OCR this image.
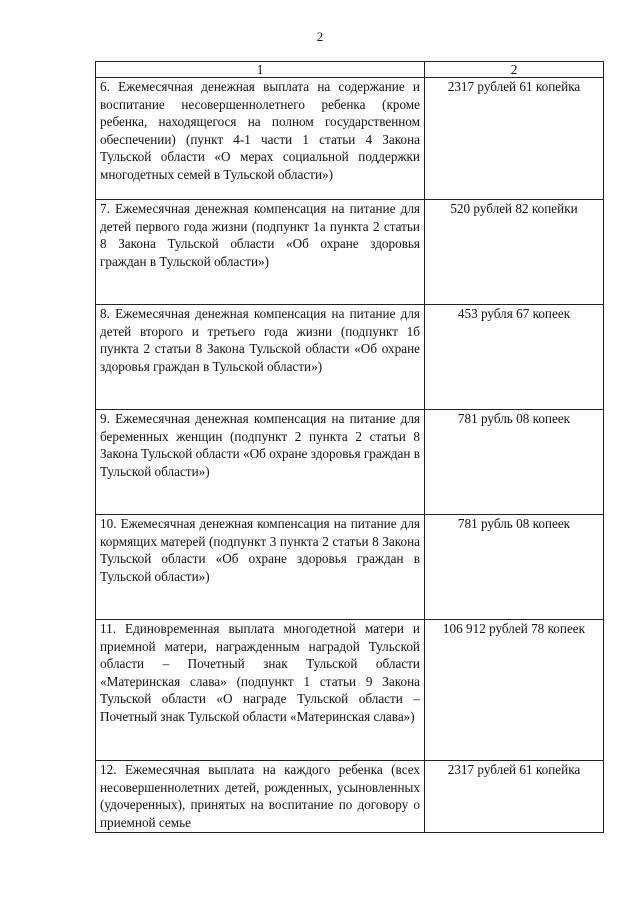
2
1	2
6. Ежемесячная денежная выплата на содержание и воспитание несовершеннолетнего ребенка (кроме ребенка, находящегося на полном государственном обеспечении) (пункт 4-1 части 1 статьи 4 Закона Тульской области «О мерах социальной поддержки многодетных семей в Тульской области»)	2317 рублей 61 копейка
7. Ежемесячная денежная компенсация на питание для детей первого года жизни (подпункт 1а пункта 2 статьи 8 Закона Тульской области «Об охране здоровья граждан в Тульской области»)	520 рублей 82 копейки
8. Ежемесячная денежная компенсация на питание для детей второго и третьего года жизни (подпункт 1б пункта 2 статьи 8 Закона Тульской области «Об охране здоровья граждан в Тульской области»)	453 рубля 67 копеек
9. Ежемесячная денежная компенсация на питание для беременных женщин (подпункт 2 пункта 2 статьи 8 Закона Тульской области «Об охране здоровья граждан в Тульской области»)	781 рубль 08 копеек
10. Ежемесячная денежная компенсация на питание для кормящих матерей (подпункт 3 пункта 2 статьи 8 Закона Тульской области «Об охране здоровья граждан в Тульской области»)	781 рубль 08 копеек
11. Единовременная выплата многодетной матери и приемной матери, награжденным наградой Тульской области – Почетный знак Тульской области «Материнская слава» (подпункт 1 статьи 9 Закона Тульской области «О награде Тульской области – Почетный знак Тульской области «Материнская слава»)	106 912 рублей 78 копеек
12. Ежемесячная выплата на каждого ребенка (всех несовершеннолетних детей, рожденных, усыновленных (удочеренных), принятых на воспитание по договору о приемной семье	2317 рублей 61 копейка
